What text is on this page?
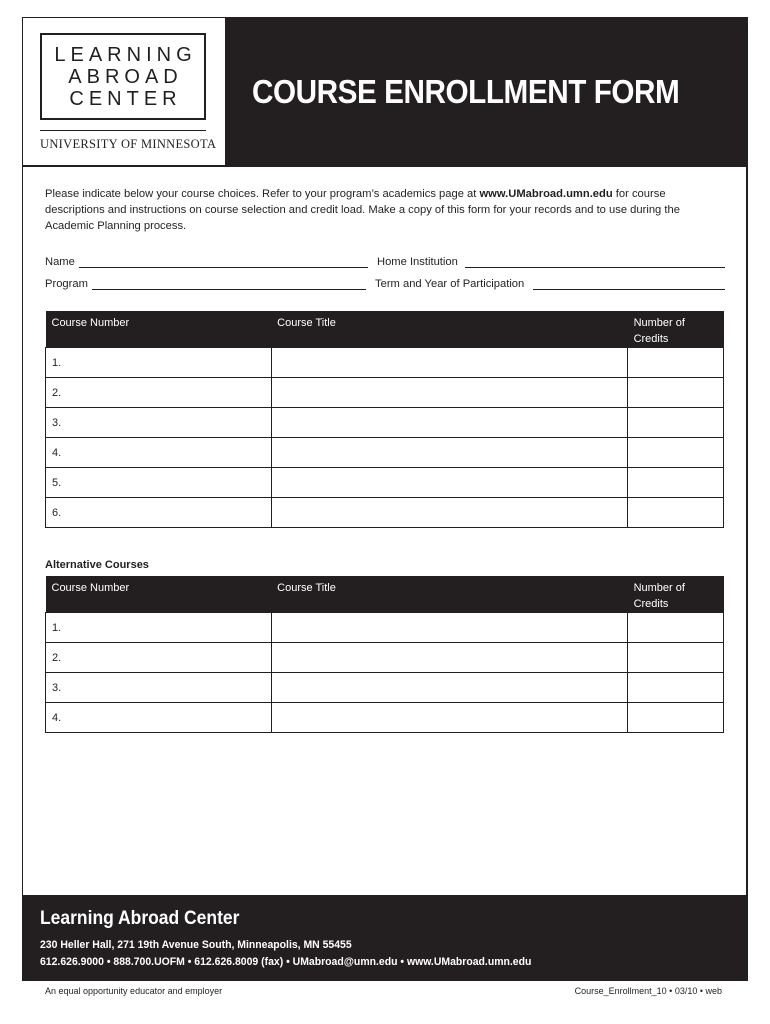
LEARNING
ABROAD
CENTER
UNIVERSITY OF MINNESOTA
COURSE ENROLLMENT FORM
Please indicate below your course choices. Refer to your program’s academics page at www.UMabroad.umn.edu for course descriptions and instructions on course selection and credit load. Make a copy of this form for your records and to use during the Academic Planning process.
Name	Home Institution
Program	Term and Year of Participation
Course Number	Course Title	Number of
Credits
1.		
2.		
3.		
4.		
5.		
6.		
Alternative Courses
Course Number	Course Title	Number of
Credits
1.		
2.		
3.		
4.		
Learning Abroad Center
230 Heller Hall, 271 19th Avenue South, Minneapolis, MN 55455
612.626.9000 • 888.700.UOFM • 612.626.8009 (fax) • UMabroad@umn.edu • www.UMabroad.umn.edu
An equal opportunity educator and employer	Course_Enrollment_10 • 03/10 • web
